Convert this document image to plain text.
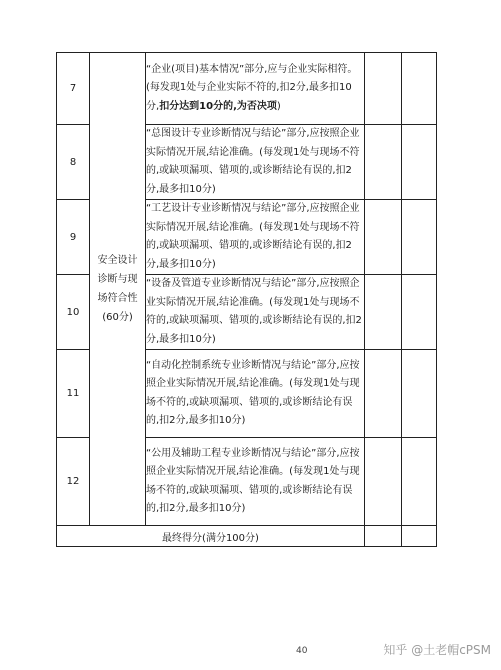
7	安全设计
诊断与现
场符合性
(60分)	“企业(项目)基本情况”部分,应与企业实际相符。(每发现1处与企业实际不符的,扣2分,最多扣10分,扣分达到10分的,为否决项)		
8		“总图设计专业诊断情况与结论”部分,应按照企业实际情况开展,结论准确。(每发现1处与现场不符的,或缺项漏项、错项的,或诊断结论有误的,扣2分,最多扣10分)		
9		“工艺设计专业诊断情况与结论”部分,应按照企业实际情况开展,结论准确。(每发现1处与现场不符的,或缺项漏项、错项的,或诊断结论有误的,扣2分,最多扣10分)		
10		“设备及管道专业诊断情况与结论”部分,应按照企业实际情况开展,结论准确。(每发现1处与现场不符的,或缺项漏项、错项的,或诊断结论有误的,扣2分,最多扣10分)		
11		“自动化控制系统专业诊断情况与结论”部分,应按照企业实际情况开展,结论准确。(每发现1处与现场不符的,或缺项漏项、错项的,或诊断结论有误的,扣2分,最多扣10分)		
12		“公用及辅助工程专业诊断情况与结论”部分,应按照企业实际情况开展,结论准确。(每发现1处与现场不符的,或缺项漏项、错项的,或诊断结论有误的,扣2分,最多扣10分)		
最终得分(满分100分)				
40	知乎 @土老帽cPSM
